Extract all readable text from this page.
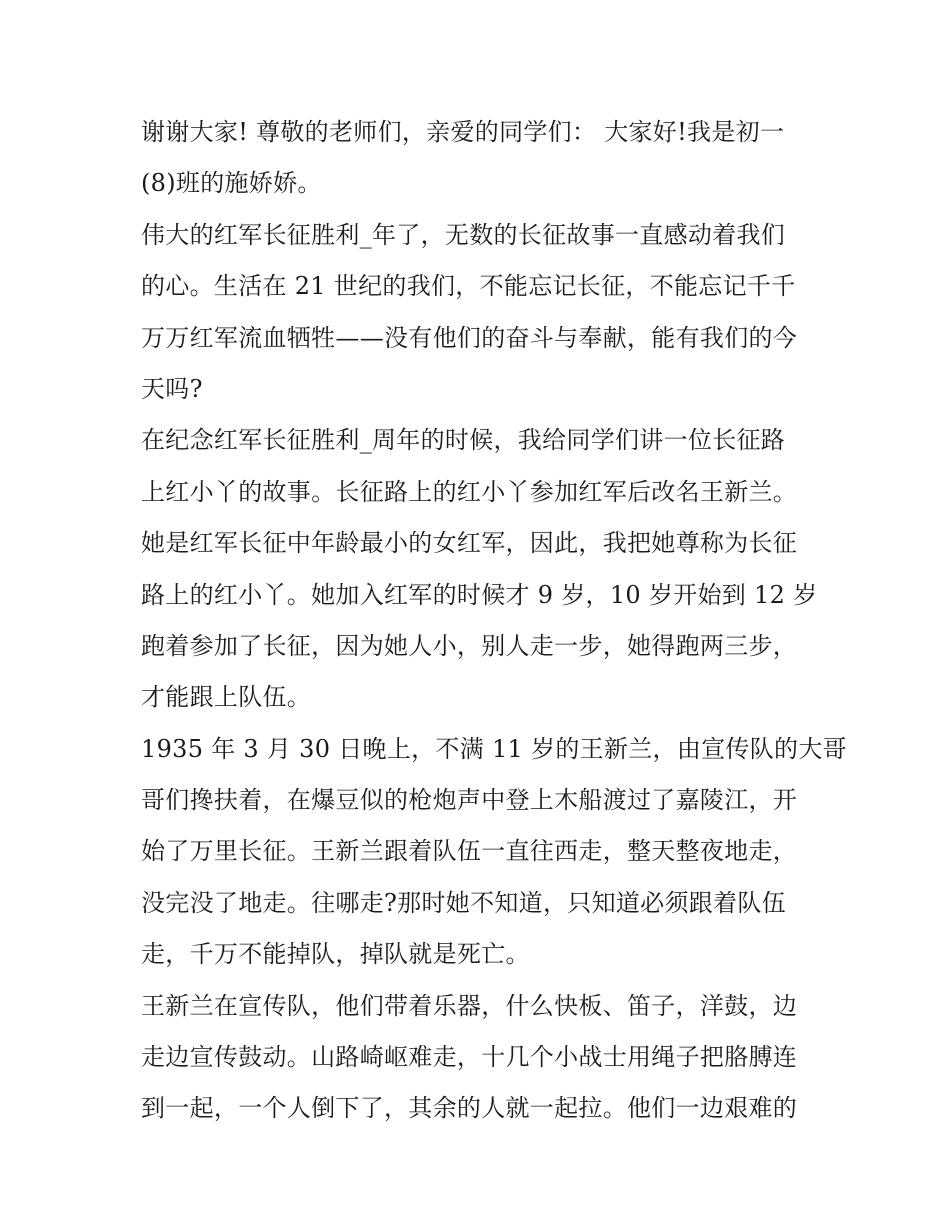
谢谢大家! 尊敬的老师们，亲爱的同学们： 大家好!我是初一
(8)班的施娇娇。
伟大的红军长征胜利_年了，无数的长征故事一直感动着我们
的心。生活在 21 世纪的我们，不能忘记长征，不能忘记千千
万万红军流血牺牲——没有他们的奋斗与奉献，能有我们的今
天吗?
在纪念红军长征胜利_周年的时候，我给同学们讲一位长征路
上红小丫的故事。长征路上的红小丫参加红军后改名王新兰。
她是红军长征中年龄最小的女红军，因此，我把她尊称为长征
路上的红小丫。她加入红军的时候才 9 岁，10 岁开始到 12 岁
跑着参加了长征，因为她人小，别人走一步，她得跑两三步，
才能跟上队伍。
1935 年 3 月 30 日晚上，不满 11 岁的王新兰，由宣传队的大哥
哥们搀扶着，在爆豆似的枪炮声中登上木船渡过了嘉陵江，开
始了万里长征。王新兰跟着队伍一直往西走，整天整夜地走，
没完没了地走。往哪走?那时她不知道，只知道必须跟着队伍
走，千万不能掉队，掉队就是死亡。
王新兰在宣传队，他们带着乐器，什么快板、笛子，洋鼓，边
走边宣传鼓动。山路崎岖难走，十几个小战士用绳子把胳膊连
到一起，一个人倒下了，其余的人就一起拉。他们一边艰难的
